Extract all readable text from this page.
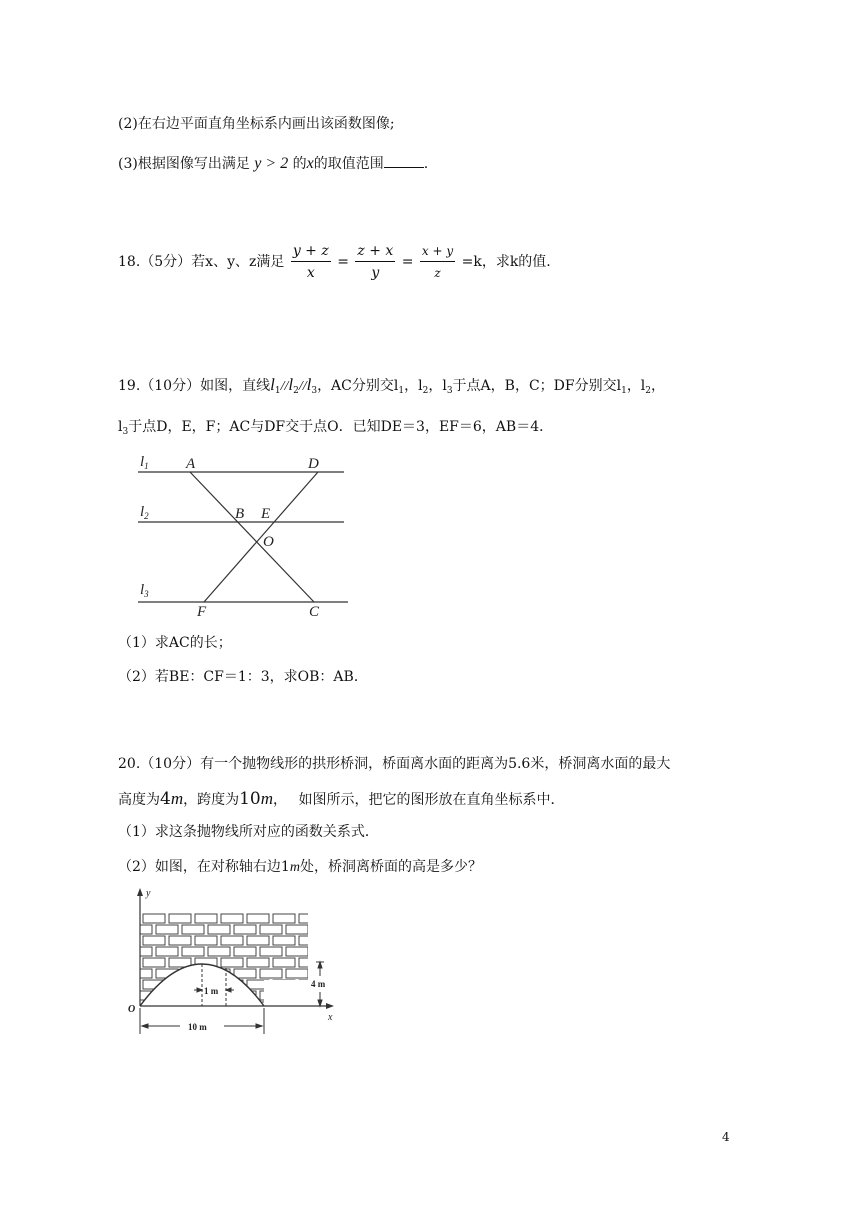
(2)在右边平面直角坐标系内画出该函数图像;
(3)根据图像写出满足 y > 2 的x的取值范围	.
18.（5分）若x、y、z满足 $\frac{y + z}{x} = \frac{z + x}{y} = \frac{x + y}{z} =k$，求k的值.
19.（10分）如图，直线$l_1//l_2//l_3$，AC分别交$l_1$，$l_2$，$l_3$于点A，B，C；DF分别交$l_1$，$l_2$，
$l_3$于点D，E，F；AC与DF交于点O．已知DE＝3，EF＝6，AB＝4．
$l_1$
$l_2$
$l_3$
A	D
B E
O
F	C
（1）求AC的长；
（2）若BE：CF＝1：3，求OB：AB．
20.（10分）有一个抛物线形的拱形桥洞，桥面离水面的距离为5.6米，桥洞离水面的最大
高度为4m，跨度为10m，　 如图所示，把它的图形放在直角坐标系中．
（1）求这条抛物线所对应的函数关系式．
（2）如图，在对称轴右边1m处，桥洞离桥面的高是多少？
y
x
O
1 m
4 m
10 m
4
